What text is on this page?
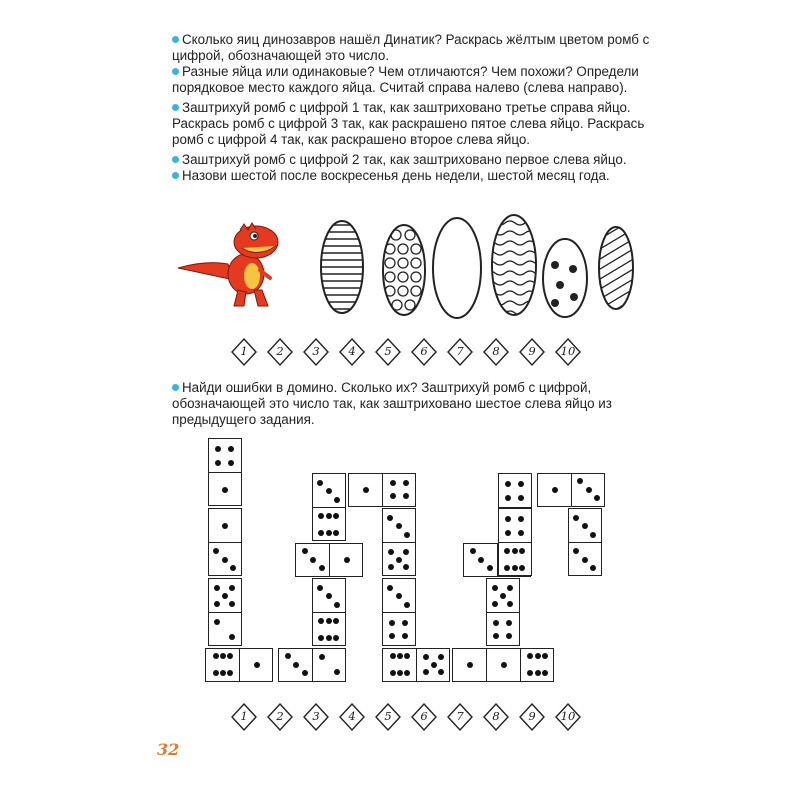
Сколько яиц динозавров нашёл Динатик? Раскрась жёлтым цветом ромб с цифрой, обозначающей это число.

Разные яйца или одинаковые? Чем отличаются? Чем похожи? Определи порядковое место каждого яйца. Считай справа налево (слева направо).

Заштрихуй ромб с цифрой 1 так, как заштриховано третье справа яйцо. Раскрась ромб с цифрой 3 так, как раскрашено пятое слева яйцо. Раскрась ромб с цифрой 4 так, как раскрашено второе слева яйцо.

Заштрихуй ромб с цифрой 2 так, как заштриховано первое слева яйцо.

Назови шестой после воскресенья день недели, шестой месяц года.

1	2	3	4	5	6	7	8	9	10

Найди ошибки в домино. Сколько их? Заштрихуй ромб с цифрой, обозначающей это число так, как заштриховано шестое слева яйцо из предыдущего задания.

1	2	3	4	5	6	7	8	9	10
32
